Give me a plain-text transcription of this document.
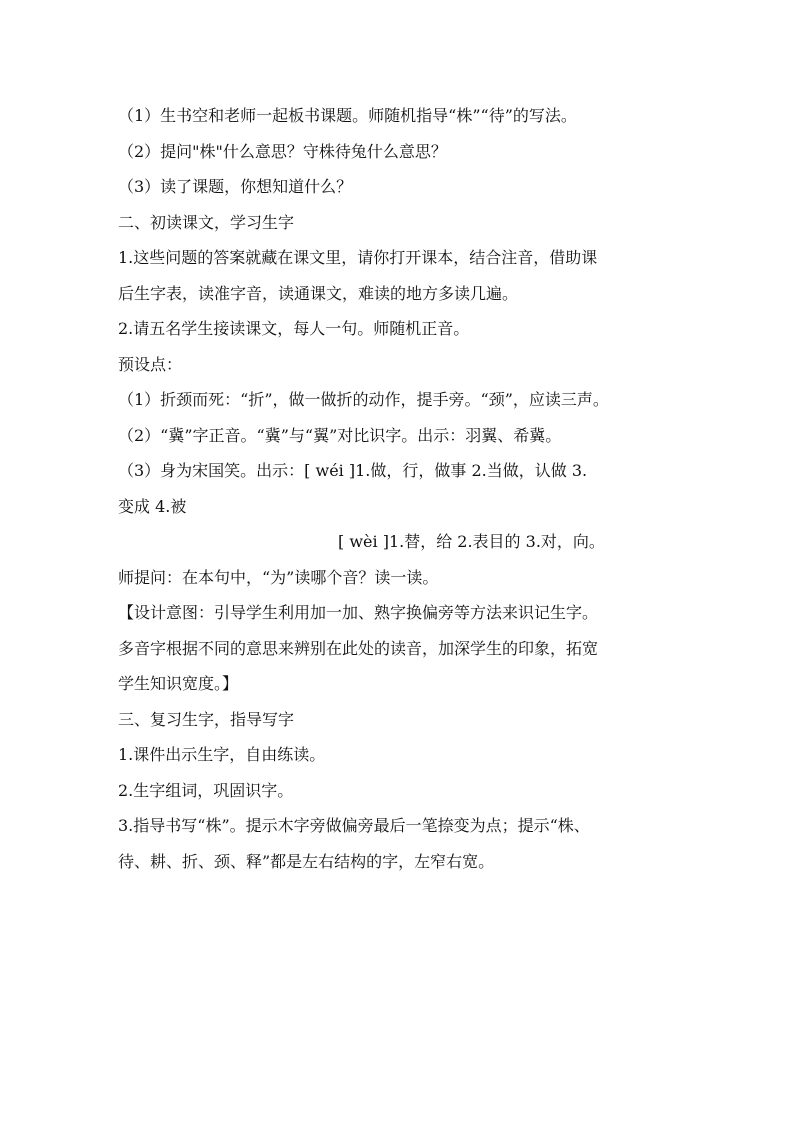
（1）生书空和老师一起板书课题。师随机指导“株”“待”的写法。
（2）提问"株"什么意思？守株待兔什么意思？
（3）读了课题，你想知道什么？
二、初读课文，学习生字
1.这些问题的答案就藏在课文里，请你打开课本，结合注音，借助课
后生字表，读准字音，读通课文，难读的地方多读几遍。
2.请五名学生接读课文，每人一句。师随机正音。
预设点：
（1）折颈而死：“折”，做一做折的动作，提手旁。“颈”，应读三声。
（2）“冀”字正音。“冀”与“翼”对比识字。出示：羽翼、希冀。
（3）身为宋国笑。出示：[ wéi ]1.做，行，做事 2.当做，认做 3.
变成 4.被
[ wèi ]1.替，给 2.表目的 3.对，向。
师提问：在本句中，“为”读哪个音？读一读。
【设计意图：引导学生利用加一加、熟字换偏旁等方法来识记生字。
多音字根据不同的意思来辨别在此处的读音，加深学生的印象，拓宽
学生知识宽度。】
三、复习生字，指导写字
1.课件出示生字，自由练读。
2.生字组词，巩固识字。
3.指导书写“株”。提示木字旁做偏旁最后一笔捺变为点；提示“株、
待、耕、折、颈、释”都是左右结构的字，左窄右宽。
